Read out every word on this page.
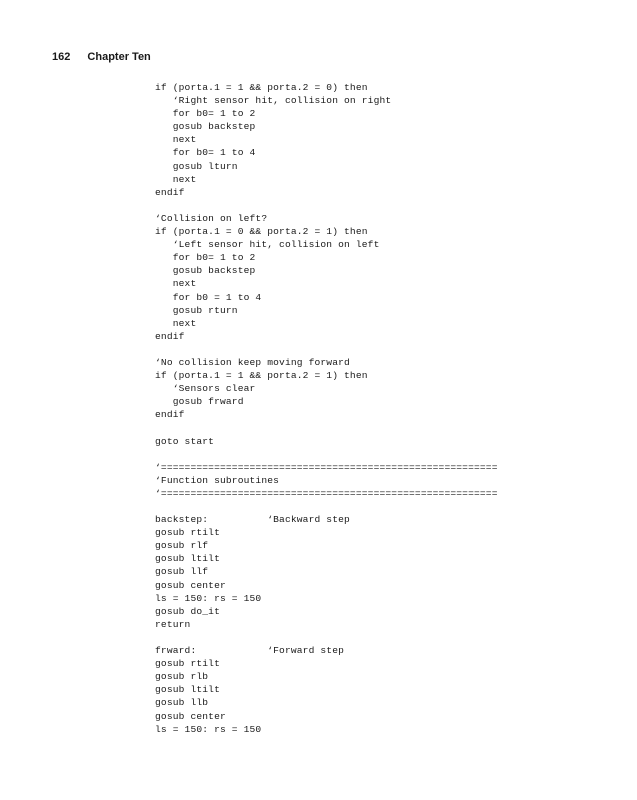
162 Chapter Ten
if (porta.1 = 1 && porta.2 = 0) then
‘Right sensor hit, collision on right
for b0= 1 to 2
gosub backstep
next
for b0= 1 to 4
gosub lturn
next
endif

‘Collision on left?
if (porta.1 = 0 && porta.2 = 1) then
‘Left sensor hit, collision on left
for b0= 1 to 2
gosub backstep
next
for b0 = 1 to 4
gosub rturn
next
endif

‘No collision keep moving forward
if (porta.1 = 1 && porta.2 = 1) then
‘Sensors clear
gosub frward
endif

goto start

‘=========================================================
‘Function subroutines
‘=========================================================

backstep:          ‘Backward step
gosub rtilt
gosub rlf
gosub ltilt
gosub llf
gosub center
ls = 150: rs = 150
gosub do_it
return

frward:            ‘Forward step
gosub rtilt
gosub rlb
gosub ltilt
gosub llb
gosub center
ls = 150: rs = 150
